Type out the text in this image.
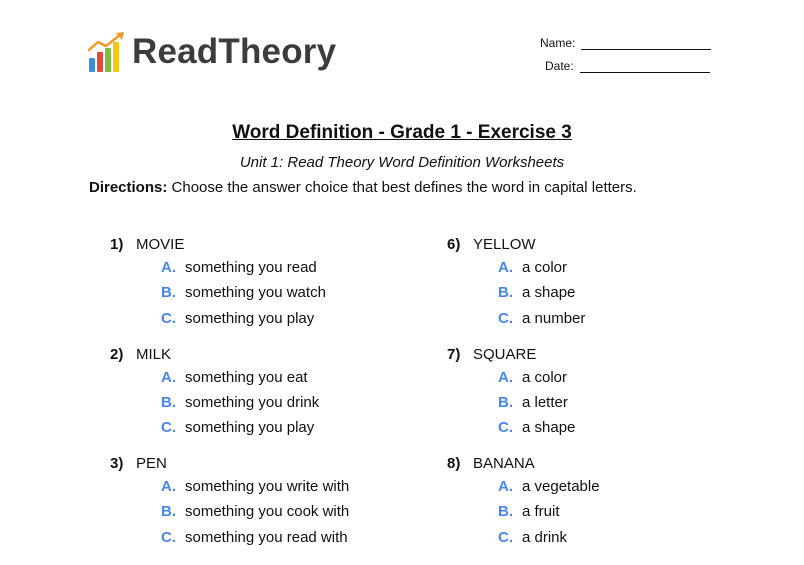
ReadTheory	Name:
Date:
Word Definition - Grade 1 - Exercise 3
Unit 1: Read Theory Word Definition Worksheets
Directions: Choose the answer choice that best defines the word in capital letters.
1) MOVIE
A. something you read
B. something you watch
C. something you play
2) MILK
A. something you eat
B. something you drink
C. something you play
3) PEN
A. something you write with
B. something you cook with
C. something you read with
6) YELLOW
A. a color
B. a shape
C. a number
7) SQUARE
A. a color
B. a letter
C. a shape
8) BANANA
A. a vegetable
B. a fruit
C. a drink
